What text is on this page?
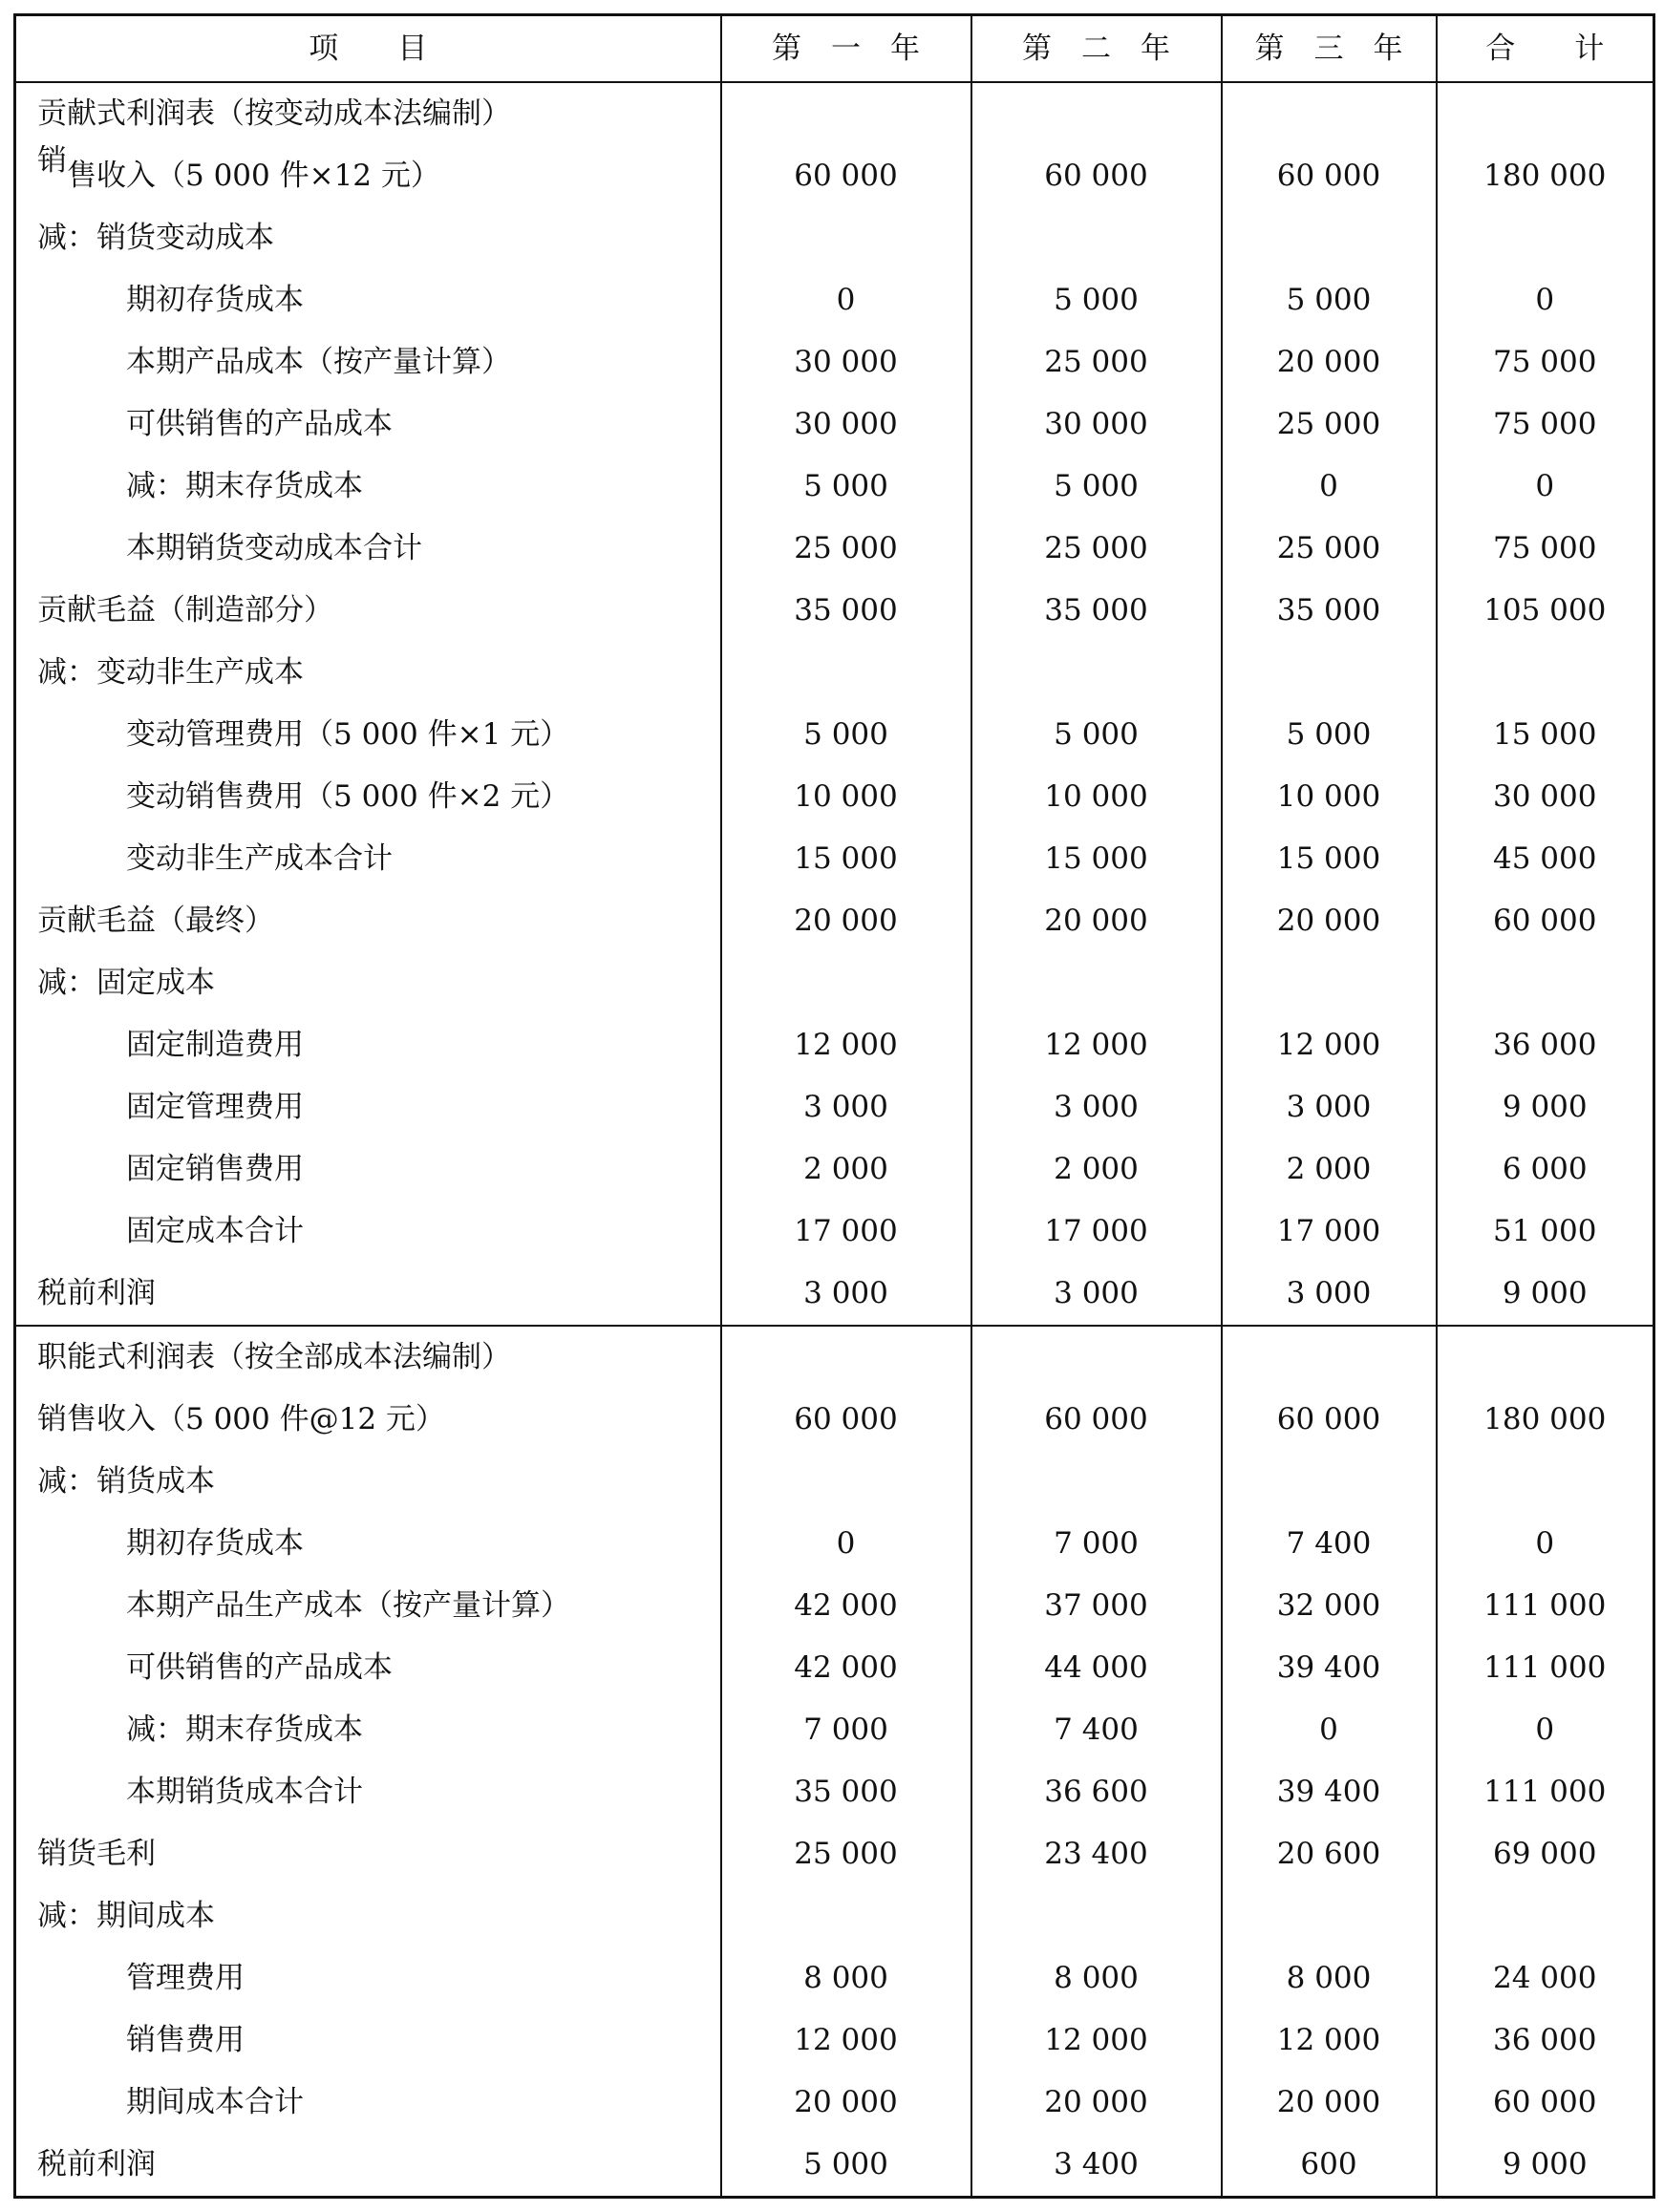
项　　目	第　一　年	第　二　年	第　三　年	合　　计
贡献式利润表（按变动成本法编制）				
销售收入（5 000 件×12 元）	60 000	60 000	60 000	180 000
减：销货变动成本				
期初存货成本	0	5 000	5 000	0
本期产品成本（按产量计算）	30 000	25 000	20 000	75 000
可供销售的产品成本	30 000	30 000	25 000	75 000
减：期末存货成本	5 000	5 000	0	0
本期销货变动成本合计	25 000	25 000	25 000	75 000
贡献毛益（制造部分）	35 000	35 000	35 000	105 000
减：变动非生产成本				
变动管理费用（5 000 件×1 元）	5 000	5 000	5 000	15 000
变动销售费用（5 000 件×2 元）	10 000	10 000	10 000	30 000
变动非生产成本合计	15 000	15 000	15 000	45 000
贡献毛益（最终）	20 000	20 000	20 000	60 000
减：固定成本				
固定制造费用	12 000	12 000	12 000	36 000
固定管理费用	3 000	3 000	3 000	9 000
固定销售费用	2 000	2 000	2 000	6 000
固定成本合计	17 000	17 000	17 000	51 000
税前利润	3 000	3 000	3 000	9 000
职能式利润表（按全部成本法编制）				
销售收入（5 000 件@12 元）	60 000	60 000	60 000	180 000
减：销货成本				
期初存货成本	0	7 000	7 400	0
本期产品生产成本（按产量计算）	42 000	37 000	32 000	111 000
可供销售的产品成本	42 000	44 000	39 400	111 000
减：期末存货成本	7 000	7 400	0	0
本期销货成本合计	35 000	36 600	39 400	111 000
销货毛利	25 000	23 400	20 600	69 000
减：期间成本				
管理费用	8 000	8 000	8 000	24 000
销售费用	12 000	12 000	12 000	36 000
期间成本合计	20 000	20 000	20 000	60 000
税前利润	5 000	3 400	600	9 000
